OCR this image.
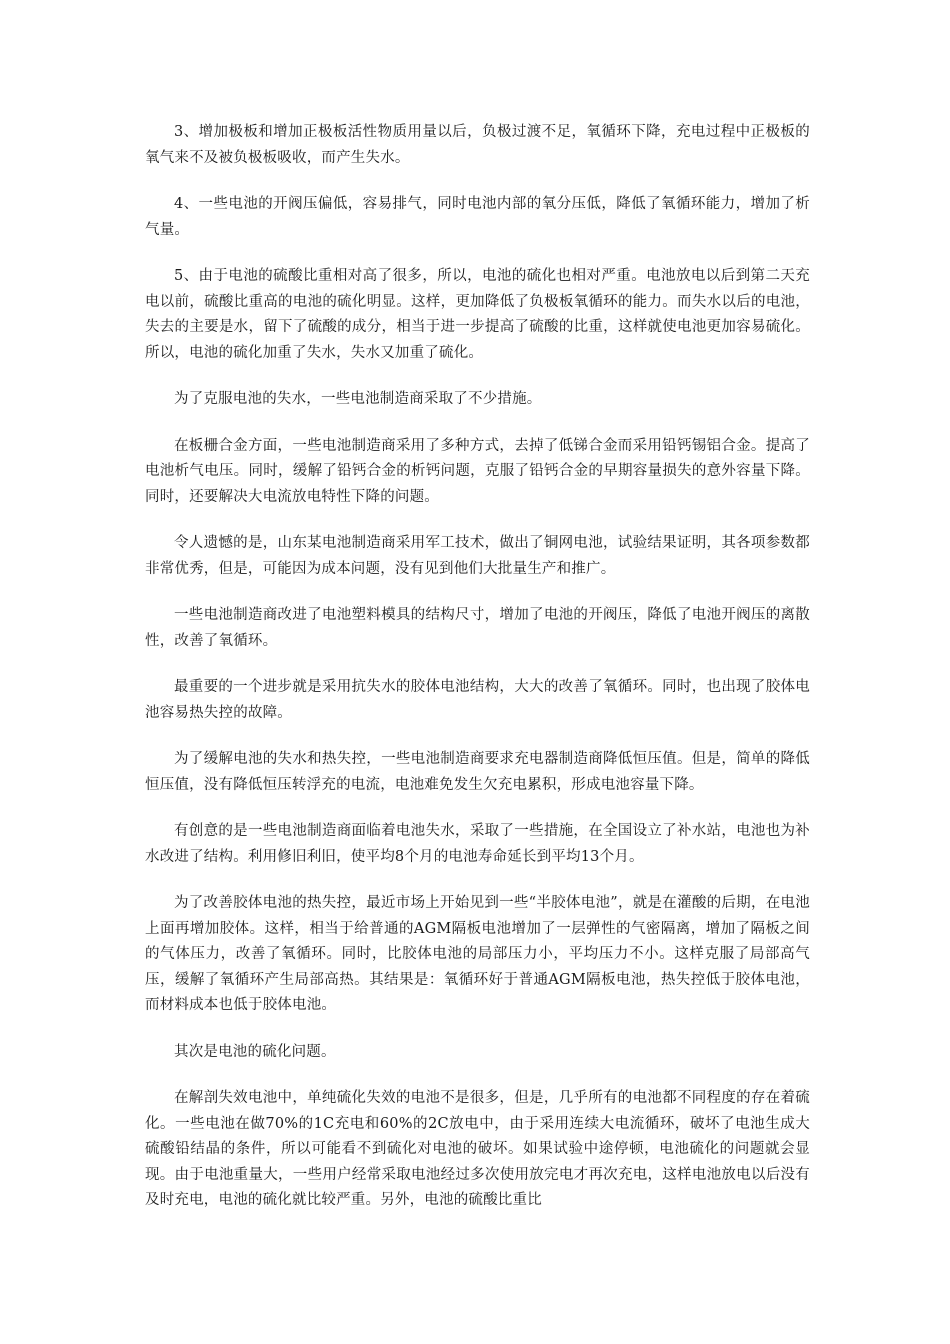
3、增加极板和增加正极板活性物质用量以后，负极过渡不足，氧循环下降，充电过程中正极板的氧气来不及被负极板吸收，而产生失水。

4、一些电池的开阀压偏低，容易排气，同时电池内部的氧分压低，降低了氧循环能力，增加了析气量。

5、由于电池的硫酸比重相对高了很多，所以，电池的硫化也相对严重。电池放电以后到第二天充电以前，硫酸比重高的电池的硫化明显。这样，更加降低了负极板氧循环的能力。而失水以后的电池，失去的主要是水，留下了硫酸的成分，相当于进一步提高了硫酸的比重，这样就使电池更加容易硫化。所以，电池的硫化加重了失水，失水又加重了硫化。

为了克服电池的失水，一些电池制造商采取了不少措施。

在板栅合金方面，一些电池制造商采用了多种方式，去掉了低锑合金而采用铅钙锡铝合金。提高了电池析气电压。同时，缓解了铅钙合金的析钙问题，克服了铅钙合金的早期容量损失的意外容量下降。同时，还要解决大电流放电特性下降的问题。

令人遗憾的是，山东某电池制造商采用军工技术，做出了铜网电池，试验结果证明，其各项参数都非常优秀，但是，可能因为成本问题，没有见到他们大批量生产和推广。

一些电池制造商改进了电池塑料模具的结构尺寸，增加了电池的开阀压，降低了电池开阀压的离散性，改善了氧循环。

最重要的一个进步就是采用抗失水的胶体电池结构，大大的改善了氧循环。同时，也出现了胶体电池容易热失控的故障。

为了缓解电池的失水和热失控，一些电池制造商要求充电器制造商降低恒压值。但是，简单的降低恒压值，没有降低恒压转浮充的电流，电池难免发生欠充电累积，形成电池容量下降。

有创意的是一些电池制造商面临着电池失水，采取了一些措施，在全国设立了补水站，电池也为补水改进了结构。利用修旧利旧，使平均8个月的电池寿命延长到平均13个月。

为了改善胶体电池的热失控，最近市场上开始见到一些“半胶体电池”，就是在灌酸的后期，在电池上面再增加胶体。这样，相当于给普通的AGM隔板电池增加了一层弹性的气密隔离，增加了隔板之间的气体压力，改善了氧循环。同时，比胶体电池的局部压力小，平均压力不小。这样克服了局部高气压，缓解了氧循环产生局部高热。其结果是：氧循环好于普通AGM隔板电池，热失控低于胶体电池，而材料成本也低于胶体电池。

其次是电池的硫化问题。

在解剖失效电池中，单纯硫化失效的电池不是很多，但是，几乎所有的电池都不同程度的存在着硫化。一些电池在做70%的1C充电和60%的2C放电中，由于采用连续大电流循环，破坏了电池生成大硫酸铅结晶的条件，所以可能看不到硫化对电池的破坏。如果试验中途停顿，电池硫化的问题就会显现。由于电池重量大，一些用户经常采取电池经过多次使用放完电才再次充电，这样电池放电以后没有及时充电，电池的硫化就比较严重。另外，电池的硫酸比重比
